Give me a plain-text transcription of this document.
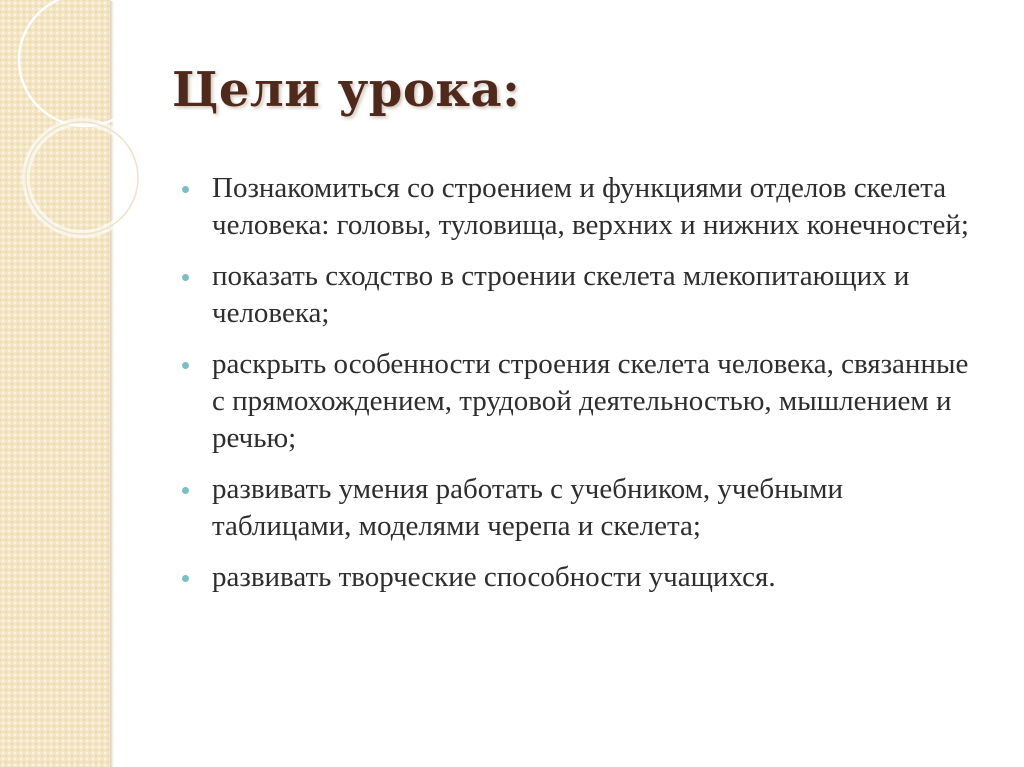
Цели урока:
Познакомиться со строением и функциями отделов скелета человека: головы, туловища, верхних и нижних конечностей;
показать сходство в строении скелета млекопитающих и человека;
раскрыть особенности строения скелета человека, связанные с прямохождением, трудовой деятельностью, мышлением и речью;
развивать умения работать с учебником, учебными таблицами, моделями черепа и скелета;
развивать творческие способности учащихся.
